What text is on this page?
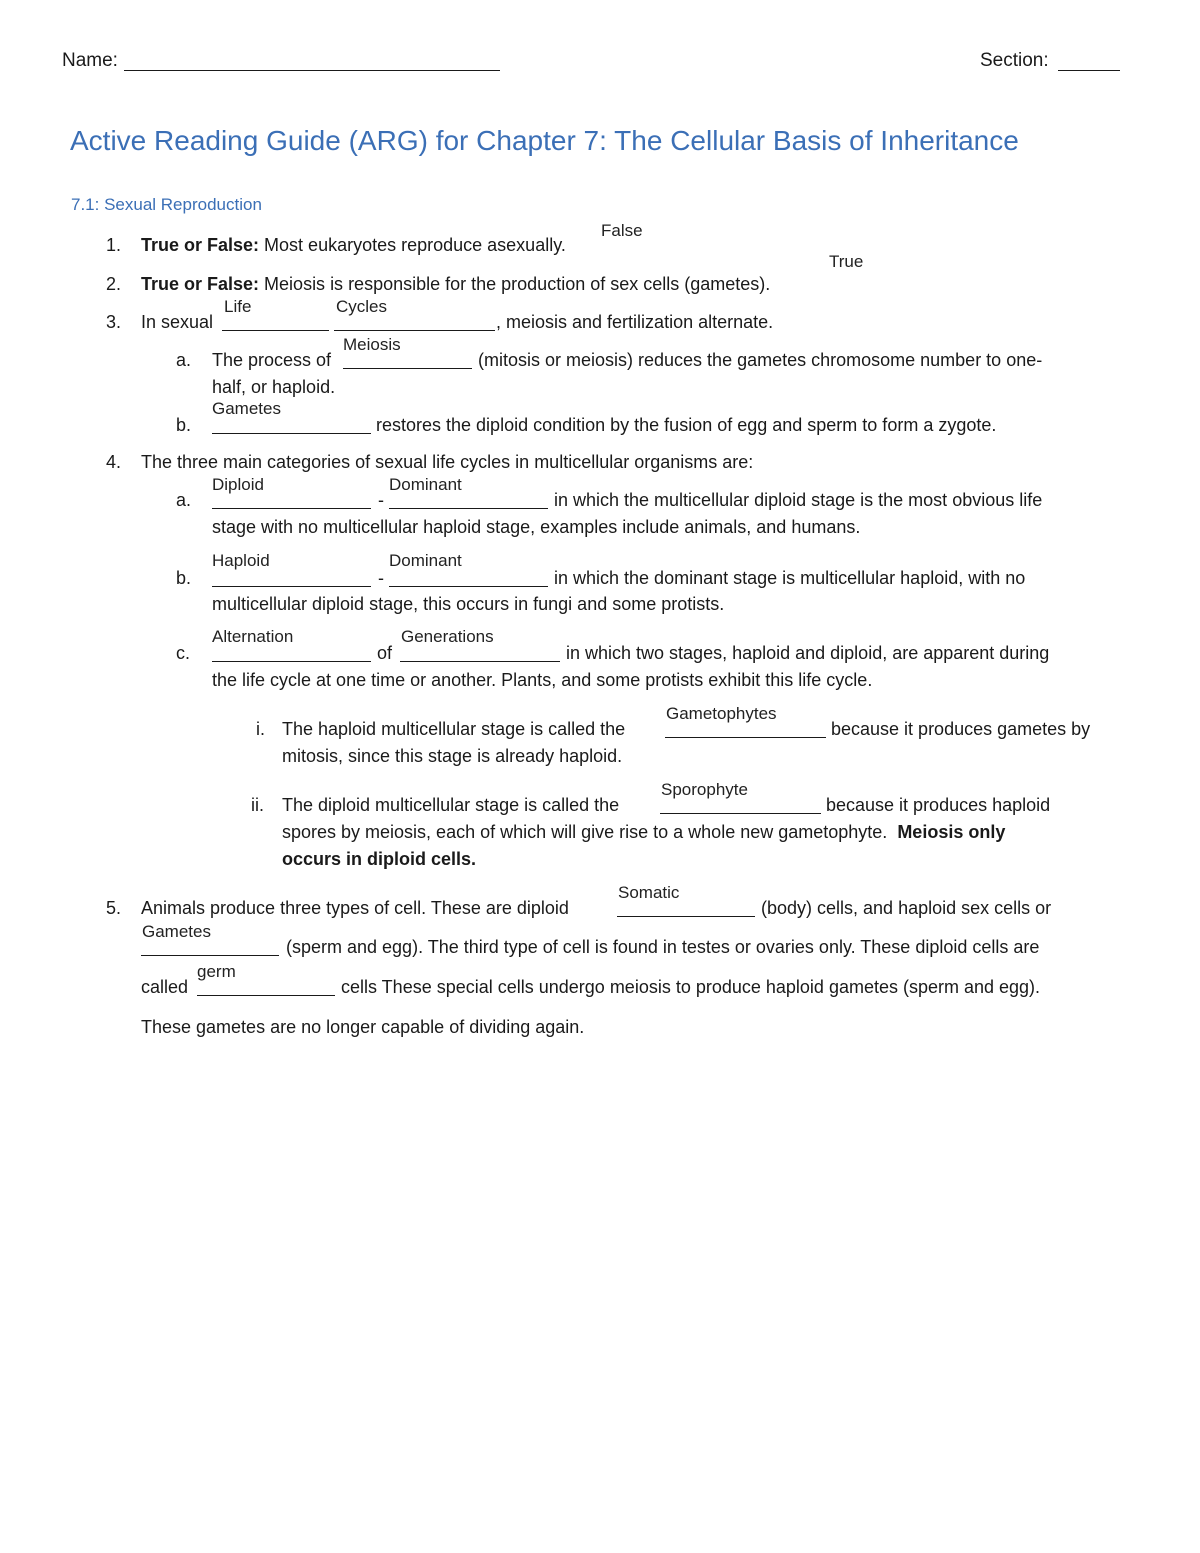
Name:	Section:
Active Reading Guide (ARG) for Chapter 7: The Cellular Basis of Inheritance
7.1: Sexual Reproduction
1. True or False: Most eukaryotes reproduce asexually.
False
2. True or False: Meiosis is responsible for the production of sex cells (gametes).
True
3. In sexual
Life	Cycles
, meiosis and fertilization alternate.
a. The process of
Meiosis
(mitosis or meiosis) reduces the gametes chromosome number to one-
half, or haploid.
b.
Gametes
restores the diploid condition by the fusion of egg and sperm to form a zygote.
4. The three main categories of sexual life cycles in multicellular organisms are:
a.
Diploid
-
Dominant
in which the multicellular diploid stage is the most obvious life
stage with no multicellular haploid stage, examples include animals, and humans.
b.
Haploid
-
Dominant
in which the dominant stage is multicellular haploid, with no
multicellular diploid stage, this occurs in fungi and some protists.
c.
Alternation
of
Generations
in which two stages, haploid and diploid, are apparent during
the life cycle at one time or another. Plants, and some protists exhibit this life cycle.
i. The haploid multicellular stage is called the
Gametophytes
because it produces gametes by
mitosis, since this stage is already haploid.
ii. The diploid multicellular stage is called the
Sporophyte
because it produces haploid
spores by meiosis, each of which will give rise to a whole new gametophyte. Meiosis only
occurs in diploid cells.
5. Animals produce three types of cell. These are diploid
Somatic
(body) cells, and haploid sex cells or
Gametes
(sperm and egg). The third type of cell is found in testes or ovaries only. These diploid cells are
called
germ
cells These special cells undergo meiosis to produce haploid gametes (sperm and egg).
These gametes are no longer capable of dividing again.
